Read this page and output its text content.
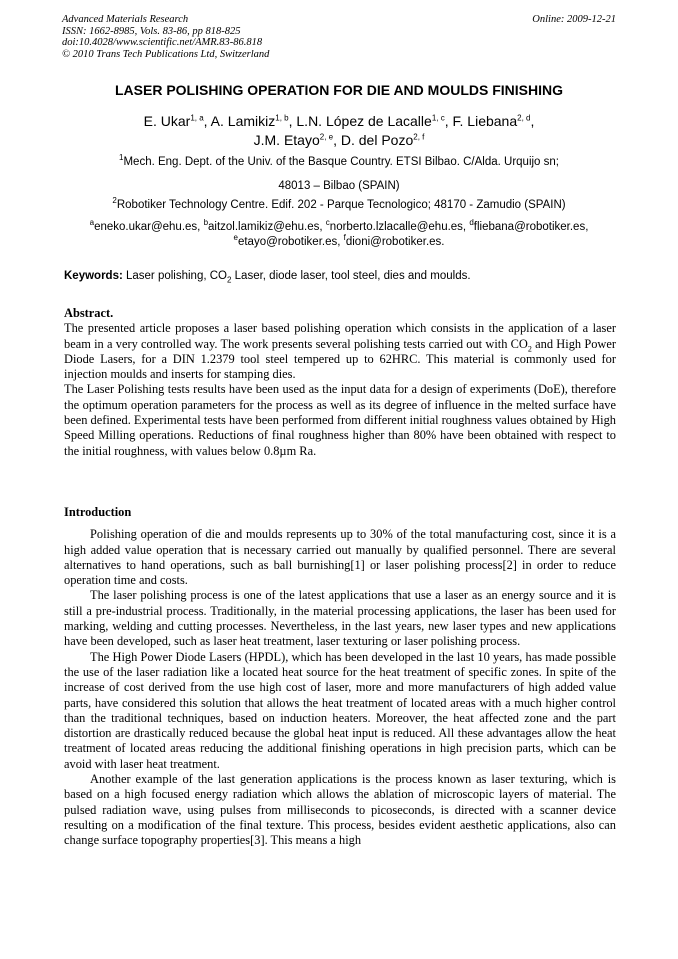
Advanced Materials Research
ISSN: 1662-8985, Vols. 83-86, pp 818-825
doi:10.4028/www.scientific.net/AMR.83-86.818
© 2010 Trans Tech Publications Ltd, Switzerland
Online: 2009-12-21
LASER POLISHING OPERATION FOR DIE AND MOULDS FINISHING
E. Ukar$^{1, a}$, A. Lamikiz$^{1, b}$, L.N. López de Lacalle$^{1, c}$, F. Liebana$^{2, d}$,
J.M. Etayo$^{2, e}$, D. del Pozo$^{2, f}$
$^1$Mech. Eng. Dept. of the Univ. of the Basque Country. ETSI Bilbao. C/Alda. Urquijo sn;
48013 – Bilbao (SPAIN)
$^2$Robotiker Technology Centre. Edif. 202 - Parque Tecnologico; 48170 - Zamudio (SPAIN)
$^a$eneko.ukar@ehu.es, $^b$aitzol.lamikiz@ehu.es, $^c$norberto.lzlacalle@ehu.es, $^d$fliebana@robotiker.es,
$^e$etayo@robotiker.es, $^f$dioni@robotiker.es.
Keywords: Laser polishing, $CO_2$ Laser, diode laser, tool steel, dies and moulds.

Abstract.

The presented article proposes a laser based polishing operation which consists in the application of a laser beam in a very controlled way. The work presents several polishing tests carried out with $CO_2$ and High Power Diode Lasers, for a DIN 1.2379 tool steel tempered up to 62HRC. This material is commonly used for injection moulds and inserts for stamping dies.

The Laser Polishing tests results have been used as the input data for a design of experiments (DoE), therefore the optimum operation parameters for the process as well as its degree of influence in the melted surface have been defined. Experimental tests have been performed from different initial roughness values obtained by High Speed Milling operations. Reductions of final roughness higher than 80% have been obtained with respect to the initial roughness, with values below 0.8µm Ra.

Introduction

Polishing operation of die and moulds represents up to 30% of the total manufacturing cost, since it is a high added value operation that is necessary carried out manually by qualified personnel. There are several alternatives to hand operations, such as ball burnishing[1] or laser polishing process[2] in order to reduce operation time and costs.

The laser polishing process is one of the latest applications that use a laser as an energy source and it is still a pre-industrial process. Traditionally, in the material processing applications, the laser has been used for marking, welding and cutting processes. Nevertheless, in the last years, new laser types and new applications have been developed, such as laser heat treatment, laser texturing or laser polishing process.

The High Power Diode Lasers (HPDL), which has been developed in the last 10 years, has made possible the use of the laser radiation like a located heat source for the heat treatment of specific zones. In spite of the increase of cost derived from the use high cost of laser, more and more manufacturers of high added value parts, have considered this solution that allows the heat treatment of located areas with a much higher control than the traditional techniques, based on induction heaters. Moreover, the heat affected zone and the part distortion are drastically reduced because the global heat input is reduced. All these advantages allow the heat treatment of located areas reducing the additional finishing operations in high precision parts, which can be avoid with laser heat treatment.

Another example of the last generation applications is the process known as laser texturing, which is based on a high focused energy radiation which allows the ablation of microscopic layers of material. The pulsed radiation wave, using pulses from milliseconds to picoseconds, is directed with a scanner device resulting on a modification of the final texture. This process, besides evident aesthetic applications, also can change surface topography properties[3]. This means a high
